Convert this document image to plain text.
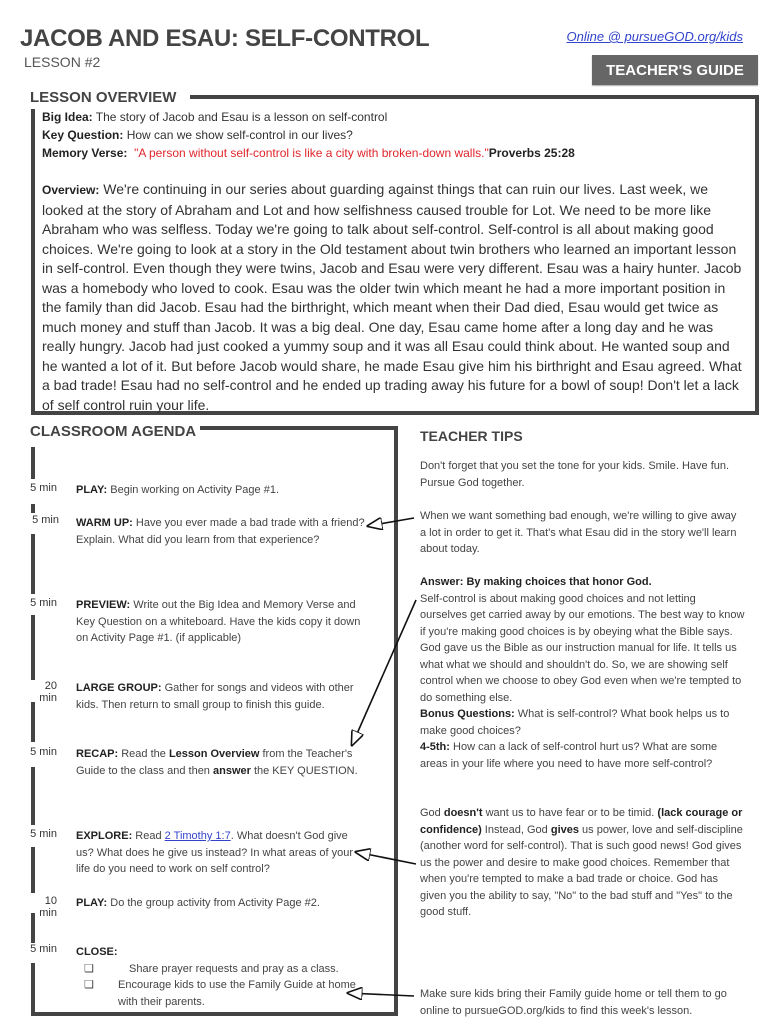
JACOB AND ESAU: SELF-CONTROL
LESSON #2
Online @ pursueGOD.org/kids
TEACHER'S GUIDE
LESSON OVERVIEW
Big Idea: The story of Jacob and Esau is a lesson on self-control
Key Question: How can we show self-control in our lives?
Memory Verse: "A person without self-control is like a city with broken-down walls."Proverbs 25:28
Overview: We're continuing in our series about guarding against things that can ruin our lives. Last week, we looked at the story of Abraham and Lot and how selfishness caused trouble for Lot. We need to be more like Abraham who was selfless. Today we're going to talk about self-control. Self-control is all about making good choices. We're going to look at a story in the Old testament about twin brothers who learned an important lesson in self-control. Even though they were twins, Jacob and Esau were very different. Esau was a hairy hunter. Jacob was a homebody who loved to cook. Esau was the older twin which meant he had a more important position in the family than did Jacob. Esau had the birthright, which meant when their Dad died, Esau would get twice as much money and stuff than Jacob. It was a big deal. One day, Esau came home after a long day and he was really hungry. Jacob had just cooked a yummy soup and it was all Esau could think about. He wanted soup and he wanted a lot of it. But before Jacob would share, he made Esau give him his birthright and Esau agreed. What a bad trade! Esau had no self-control and he ended up trading away his future for a bowl of soup! Don't let a lack of self control ruin your life.
CLASSROOM AGENDA
5 min PLAY: Begin working on Activity Page #1.
5 min WARM UP: Have you ever made a bad trade with a friend? Explain. What did you learn from that experience?
5 min PREVIEW: Write out the Big Idea and Memory Verse and Key Question on a whiteboard. Have the kids copy it down on Activity Page #1. (if applicable)
20 min
LARGE GROUP: Gather for songs and videos with other kids. Then return to small group to finish this guide.
5 min RECAP: Read the Lesson Overview from the Teacher's Guide to the class and then answer the KEY QUESTION.
5 min EXPLORE: Read 2 Timothy 1:7. What doesn't God give us? What does he give us instead? In what areas of your life do you need to work on self control?
10 min
PLAY: Do the group activity from Activity Page #2.
5 min CLOSE:
❏	Share prayer requests and pray as a class.
❏	Encourage kids to use the Family Guide at home with their parents.
TEACHER TIPS
Don't forget that you set the tone for your kids. Smile. Have fun. Pursue God together.
When we want something bad enough, we're willing to give away a lot in order to get it. That's what Esau did in the story we'll learn about today.
Answer: By making choices that honor God.
Self-control is about making good choices and not letting ourselves get carried away by our emotions. The best way to know if you're making good choices is by obeying what the Bible says. God gave us the Bible as our instruction manual for life. It tells us what what we should and shouldn't do. So, we are showing self control when we choose to obey God even when we're tempted to do something else.
Bonus Questions: What is self-control? What book helps us to make good choices?
4-5th: How can a lack of self-control hurt us? What are some areas in your life where you need to have more self-control?
God doesn't want us to have fear or to be timid. (lack courage or confidence) Instead, God gives us power, love and self-discipline (another word for self-control). That is such good news! God gives us the power and desire to make good choices. Remember that when you're tempted to make a bad trade or choice. God has given you the ability to say, "No" to the bad stuff and "Yes" to the good stuff.
Make sure kids bring their Family guide home or tell them to go online to pursueGOD.org/kids to find this week's lesson.
